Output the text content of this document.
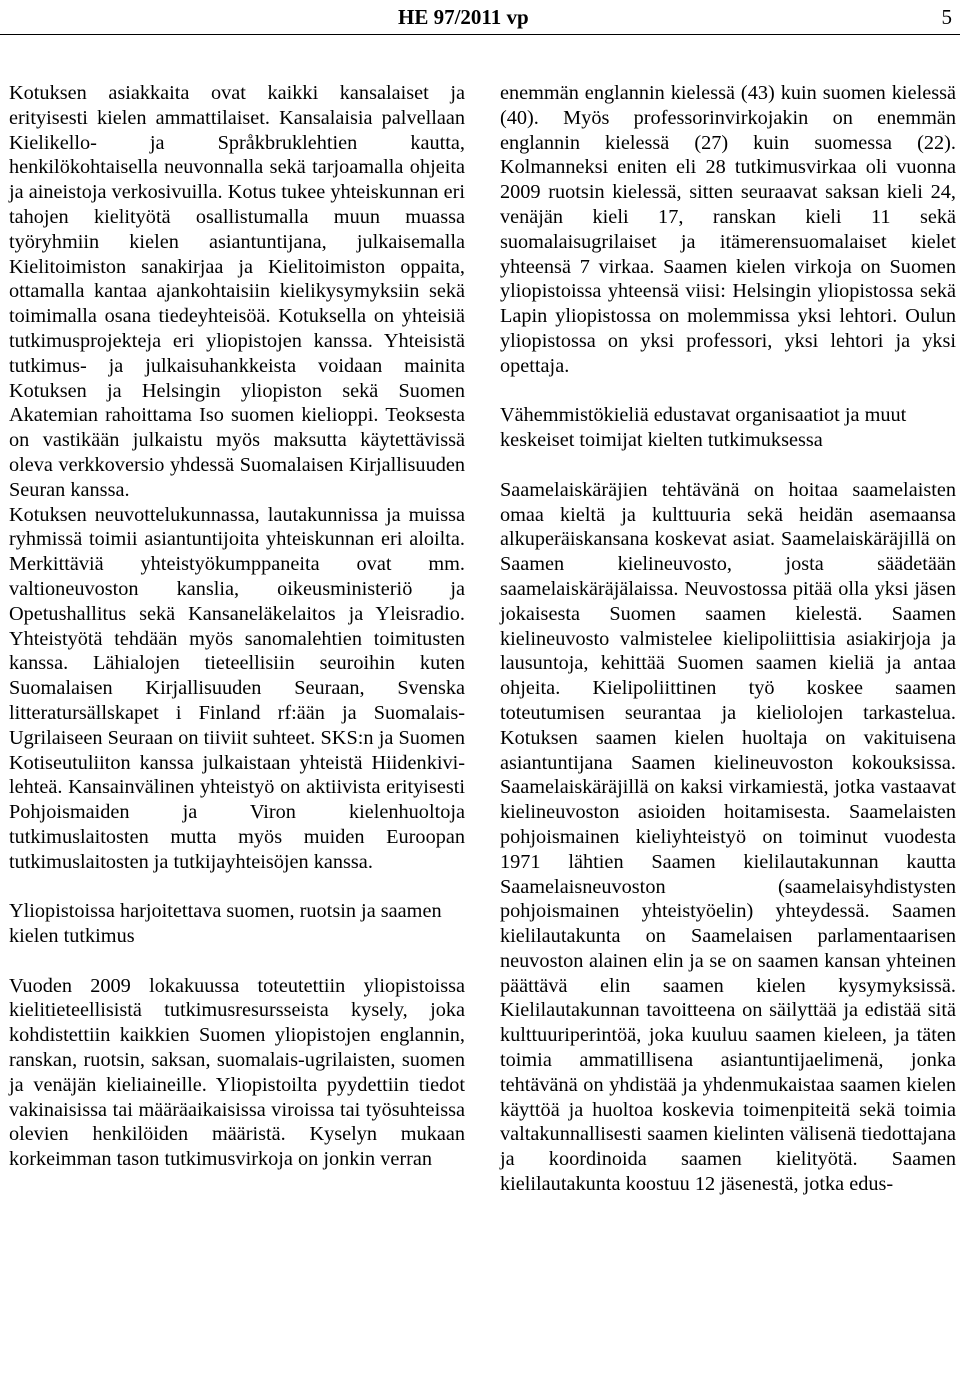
HE 97/2011 vp	5

Kotuksen asiakkaita ovat kaikki kansalaiset ja erityisesti kielen ammattilaiset. Kansalaisia palvellaan Kielikello- ja Språkbruklehtien kautta, henkilökohtaisella neuvonnalla sekä tarjoamalla ohjeita ja aineistoja verkosivuilla. Kotus tukee yhteiskunnan eri tahojen kielityötä osallistumalla muun muassa työryhmiin kielen asiantuntijana, julkaisemalla Kielitoimiston sanakirjaa ja Kielitoimiston oppaita, ottamalla kantaa ajankohtaisiin kielikysymyksiin sekä toimimalla osana tiedeyhteisöä. Kotuksella on yhteisiä tutkimusprojekteja eri yliopistojen kanssa. Yhteisistä tutkimus- ja julkaisuhankkeista voidaan mainita Kotuksen ja Helsingin yliopiston sekä Suomen Akatemian rahoittama Iso suomen kielioppi. Teoksesta on vastikään julkaistu myös maksutta käytettävissä oleva verkkoversio yhdessä Suomalaisen Kirjallisuuden Seuran kanssa.

Kotuksen neuvottelukunnassa, lautakunnissa ja muissa ryhmissä toimii asiantuntijoita yhteiskunnan eri aloilta. Merkittäviä yhteistyökumppaneita ovat mm. valtioneuvoston kanslia, oikeusministeriö ja Opetushallitus sekä Kansaneläkelaitos ja Yleisradio. Yhteistyötä tehdään myös sanomalehtien toimitusten kanssa. Lähialojen tieteellisiin seuroihin kuten Suomalaisen Kirjallisuuden Seuraan, Svenska litteratursällskapet i Finland rf:ään ja Suomalais-Ugrilaiseen Seuraan on tiiviit suhteet. SKS:n ja Suomen Kotiseutuliiton kanssa julkaistaan yhteistä Hiidenkivi-lehteä. Kansainvälinen yhteistyö on aktiivista erityisesti Pohjoismaiden ja Viron kielenhuoltoja tutkimuslaitosten mutta myös muiden Euroopan tutkimuslaitosten ja tutkijayhteisöjen kanssa.

Yliopistoissa harjoitettava suomen, ruotsin ja saamen kielen tutkimus

Vuoden 2009 lokakuussa toteutettiin yliopistoissa kielitieteellisistä tutkimusresursseista kysely, joka kohdistettiin kaikkien Suomen yliopistojen englannin, ranskan, ruotsin, saksan, suomalais-ugrilaisten, suomen ja venäjän kieliaineille. Yliopistoilta pyydettiin tiedot vakinaisissa tai määräaikaisissa viroissa tai työsuhteissa olevien henkilöiden määristä. Kyselyn mukaan korkeimman tason tutkimusvirkoja on jonkin verran

enemmän englannin kielessä (43) kuin suomen kielessä (40). Myös professorinvirkojakin on enemmän englannin kielessä (27) kuin suomessa (22). Kolmanneksi eniten eli 28 tutkimusvirkaa oli vuonna 2009 ruotsin kielessä, sitten seuraavat saksan kieli 24, venäjän kieli 17, ranskan kieli 11 sekä suomalaisugrilaiset ja itämerensuomalaiset kielet yhteensä 7 virkaa. Saamen kielen virkoja on Suomen yliopistoissa yhteensä viisi: Helsingin yliopistossa sekä Lapin yliopistossa on molemmissa yksi lehtori. Oulun yliopistossa on yksi professori, yksi lehtori ja yksi opettaja.

Vähemmistökieliä edustavat organisaatiot ja muut keskeiset toimijat kielten tutkimuksessa

Saamelaiskäräjien tehtävänä on hoitaa saamelaisten omaa kieltä ja kulttuuria sekä heidän asemaansa alkuperäiskansana koskevat asiat. Saamelaiskäräjillä on Saamen kielineuvosto, josta säädetään saamelaiskäräjälaissa. Neuvostossa pitää olla yksi jäsen jokaisesta Suomen saamen kielestä. Saamen kielineuvosto valmistelee kielipoliittisia asiakirjoja ja lausuntoja, kehittää Suomen saamen kieliä ja antaa ohjeita. Kielipoliittinen työ koskee saamen toteutumisen seurantaa ja kieliolojen tarkastelua. Kotuksen saamen kielen huoltaja on vakituisena asiantuntijana Saamen kielineuvoston kokouksissa. Saamelaiskäräjillä on kaksi virkamiestä, jotka vastaavat kielineuvoston asioiden hoitamisesta. Saamelaisten pohjoismainen kieliyhteistyö on toiminut vuodesta 1971 lähtien Saamen kielilautakunnan kautta Saamelaisneuvoston (saamelaisyhdistysten pohjoismainen yhteistyöelin) yhteydessä. Saamen kielilautakunta on Saamelaisen parlamentaarisen neuvoston alainen elin ja se on saamen kansan yhteinen päättävä elin saamen kielen kysymyksissä. Kielilautakunnan tavoitteena on säilyttää ja edistää sitä kulttuuriperintöä, joka kuuluu saamen kieleen, ja täten toimia ammatillisena asiantuntijaelimenä, jonka tehtävänä on yhdistää ja yhdenmukaistaa saamen kielen käyttöä ja huoltoa koskevia toimenpiteitä sekä toimia valtakunnallisesti saamen kielinten välisenä tiedottajana ja koordinoida saamen kielityötä. Saamen kielilautakunta koostuu 12 jäsenestä, jotka edus-
